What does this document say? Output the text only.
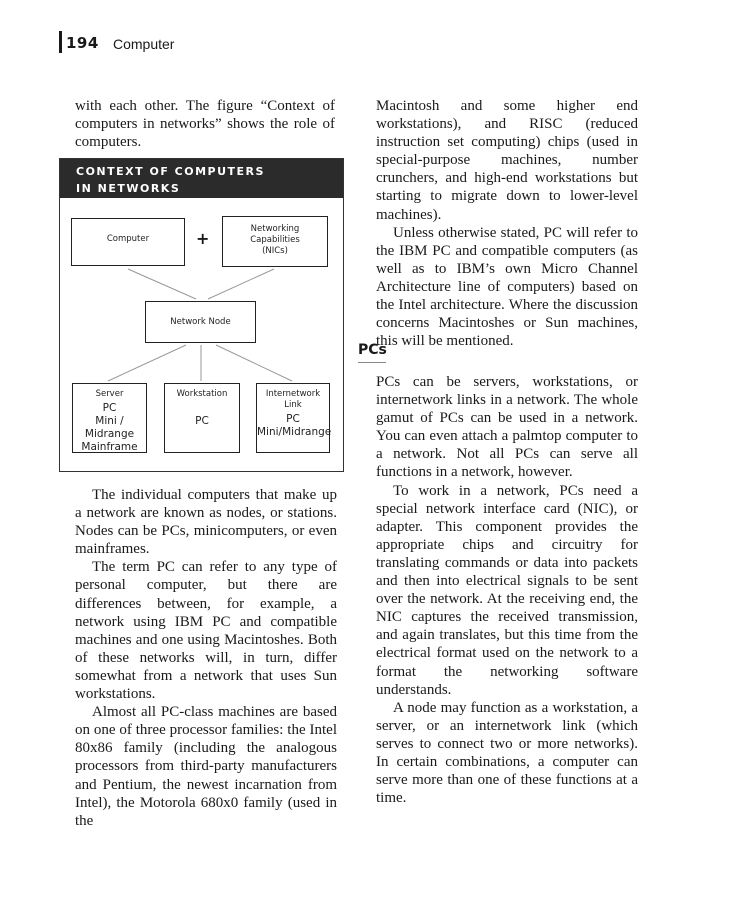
194 Computer

with each other. The figure “Context of computers in networks” shows the role of computers.

CONTEXT OF COMPUTERS
IN NETWORKS
Computer	+	Networking
Capabilities
(NICs)
Network Node
Server
PC
Mini / Midrange
Mainframe
Workstation
PC
Internetwork
Link
PC
Mini/Midrange

The individual computers that make up a network are known as nodes, or stations. Nodes can be PCs, minicomputers, or even mainframes.

The term PC can refer to any type of personal computer, but there are differences between, for example, a network using IBM PC and compatible machines and one using Macintoshes. Both of these networks will, in turn, differ somewhat from a network that uses Sun workstations.

Almost all PC-class machines are based on one of three processor families: the Intel 80x86 family (including the analogous processors from third-party manufacturers and Pentium, the newest incarnation from Intel), the Motorola 680x0 family (used in the

Macintosh and some higher end workstations), and RISC (reduced instruction set computing) chips (used in special-purpose machines, number crunchers, and high-end workstations but starting to migrate down to lower-level machines).

Unless otherwise stated, PC will refer to the IBM PC and compatible computers (as well as to IBM’s own Micro Channel Architecture line of computers) based on the Intel architecture. Where the discussion concerns Macintoshes or Sun machines, this will be mentioned.

PCs

PCs can be servers, workstations, or internetwork links in a network. The whole gamut of PCs can be used in a network. You can even attach a palmtop computer to a network. Not all PCs can serve all functions in a network, however.

To work in a network, PCs need a special network interface card (NIC), or adapter. This component provides the appropriate chips and circuitry for translating commands or data into packets and then into electrical signals to be sent over the network. At the receiving end, the NIC captures the received transmission, and again translates, but this time from the electrical format used on the network to a format the networking software understands.

A node may function as a workstation, a server, or an internetwork link (which serves to connect two or more networks). In certain combinations, a computer can serve more than one of these functions at a time.
